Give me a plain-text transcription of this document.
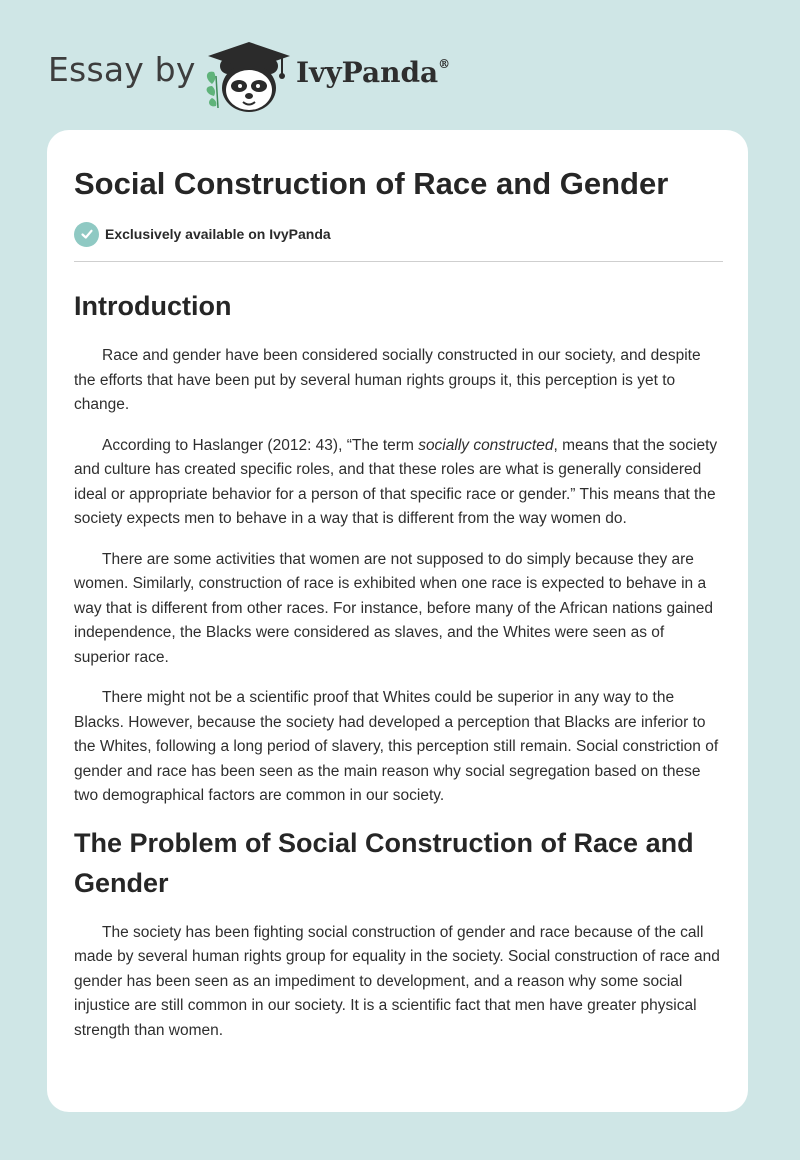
Essay by	IvyPanda®
Social Construction of Race and Gender
Exclusively available on IvyPanda
Introduction

Race and gender have been considered socially constructed in our society, and despite the efforts that have been put by several human rights groups it, this perception is yet to change.

According to Haslanger (2012: 43), “The term socially constructed, means that the society and culture has created specific roles, and that these roles are what is generally considered ideal or appropriate behavior for a person of that specific race or gender.” This means that the society expects men to behave in a way that is different from the way women do.

There are some activities that women are not supposed to do simply because they are women. Similarly, construction of race is exhibited when one race is expected to behave in a way that is different from other races. For instance, before many of the African nations gained independence, the Blacks were considered as slaves, and the Whites were seen as of superior race.

There might not be a scientific proof that Whites could be superior in any way to the Blacks. However, because the society had developed a perception that Blacks are inferior to the Whites, following a long period of slavery, this perception still remain. Social constriction of gender and race has been seen as the main reason why social segregation based on these two demographical factors are common in our society.

The Problem of Social Construction of Race and Gender

The society has been fighting social construction of gender and race because of the call made by several human rights group for equality in the society. Social construction of race and gender has been seen as an impediment to development, and a reason why some social injustice are still common in our society. It is a scientific fact that men have greater physical strength than women.
